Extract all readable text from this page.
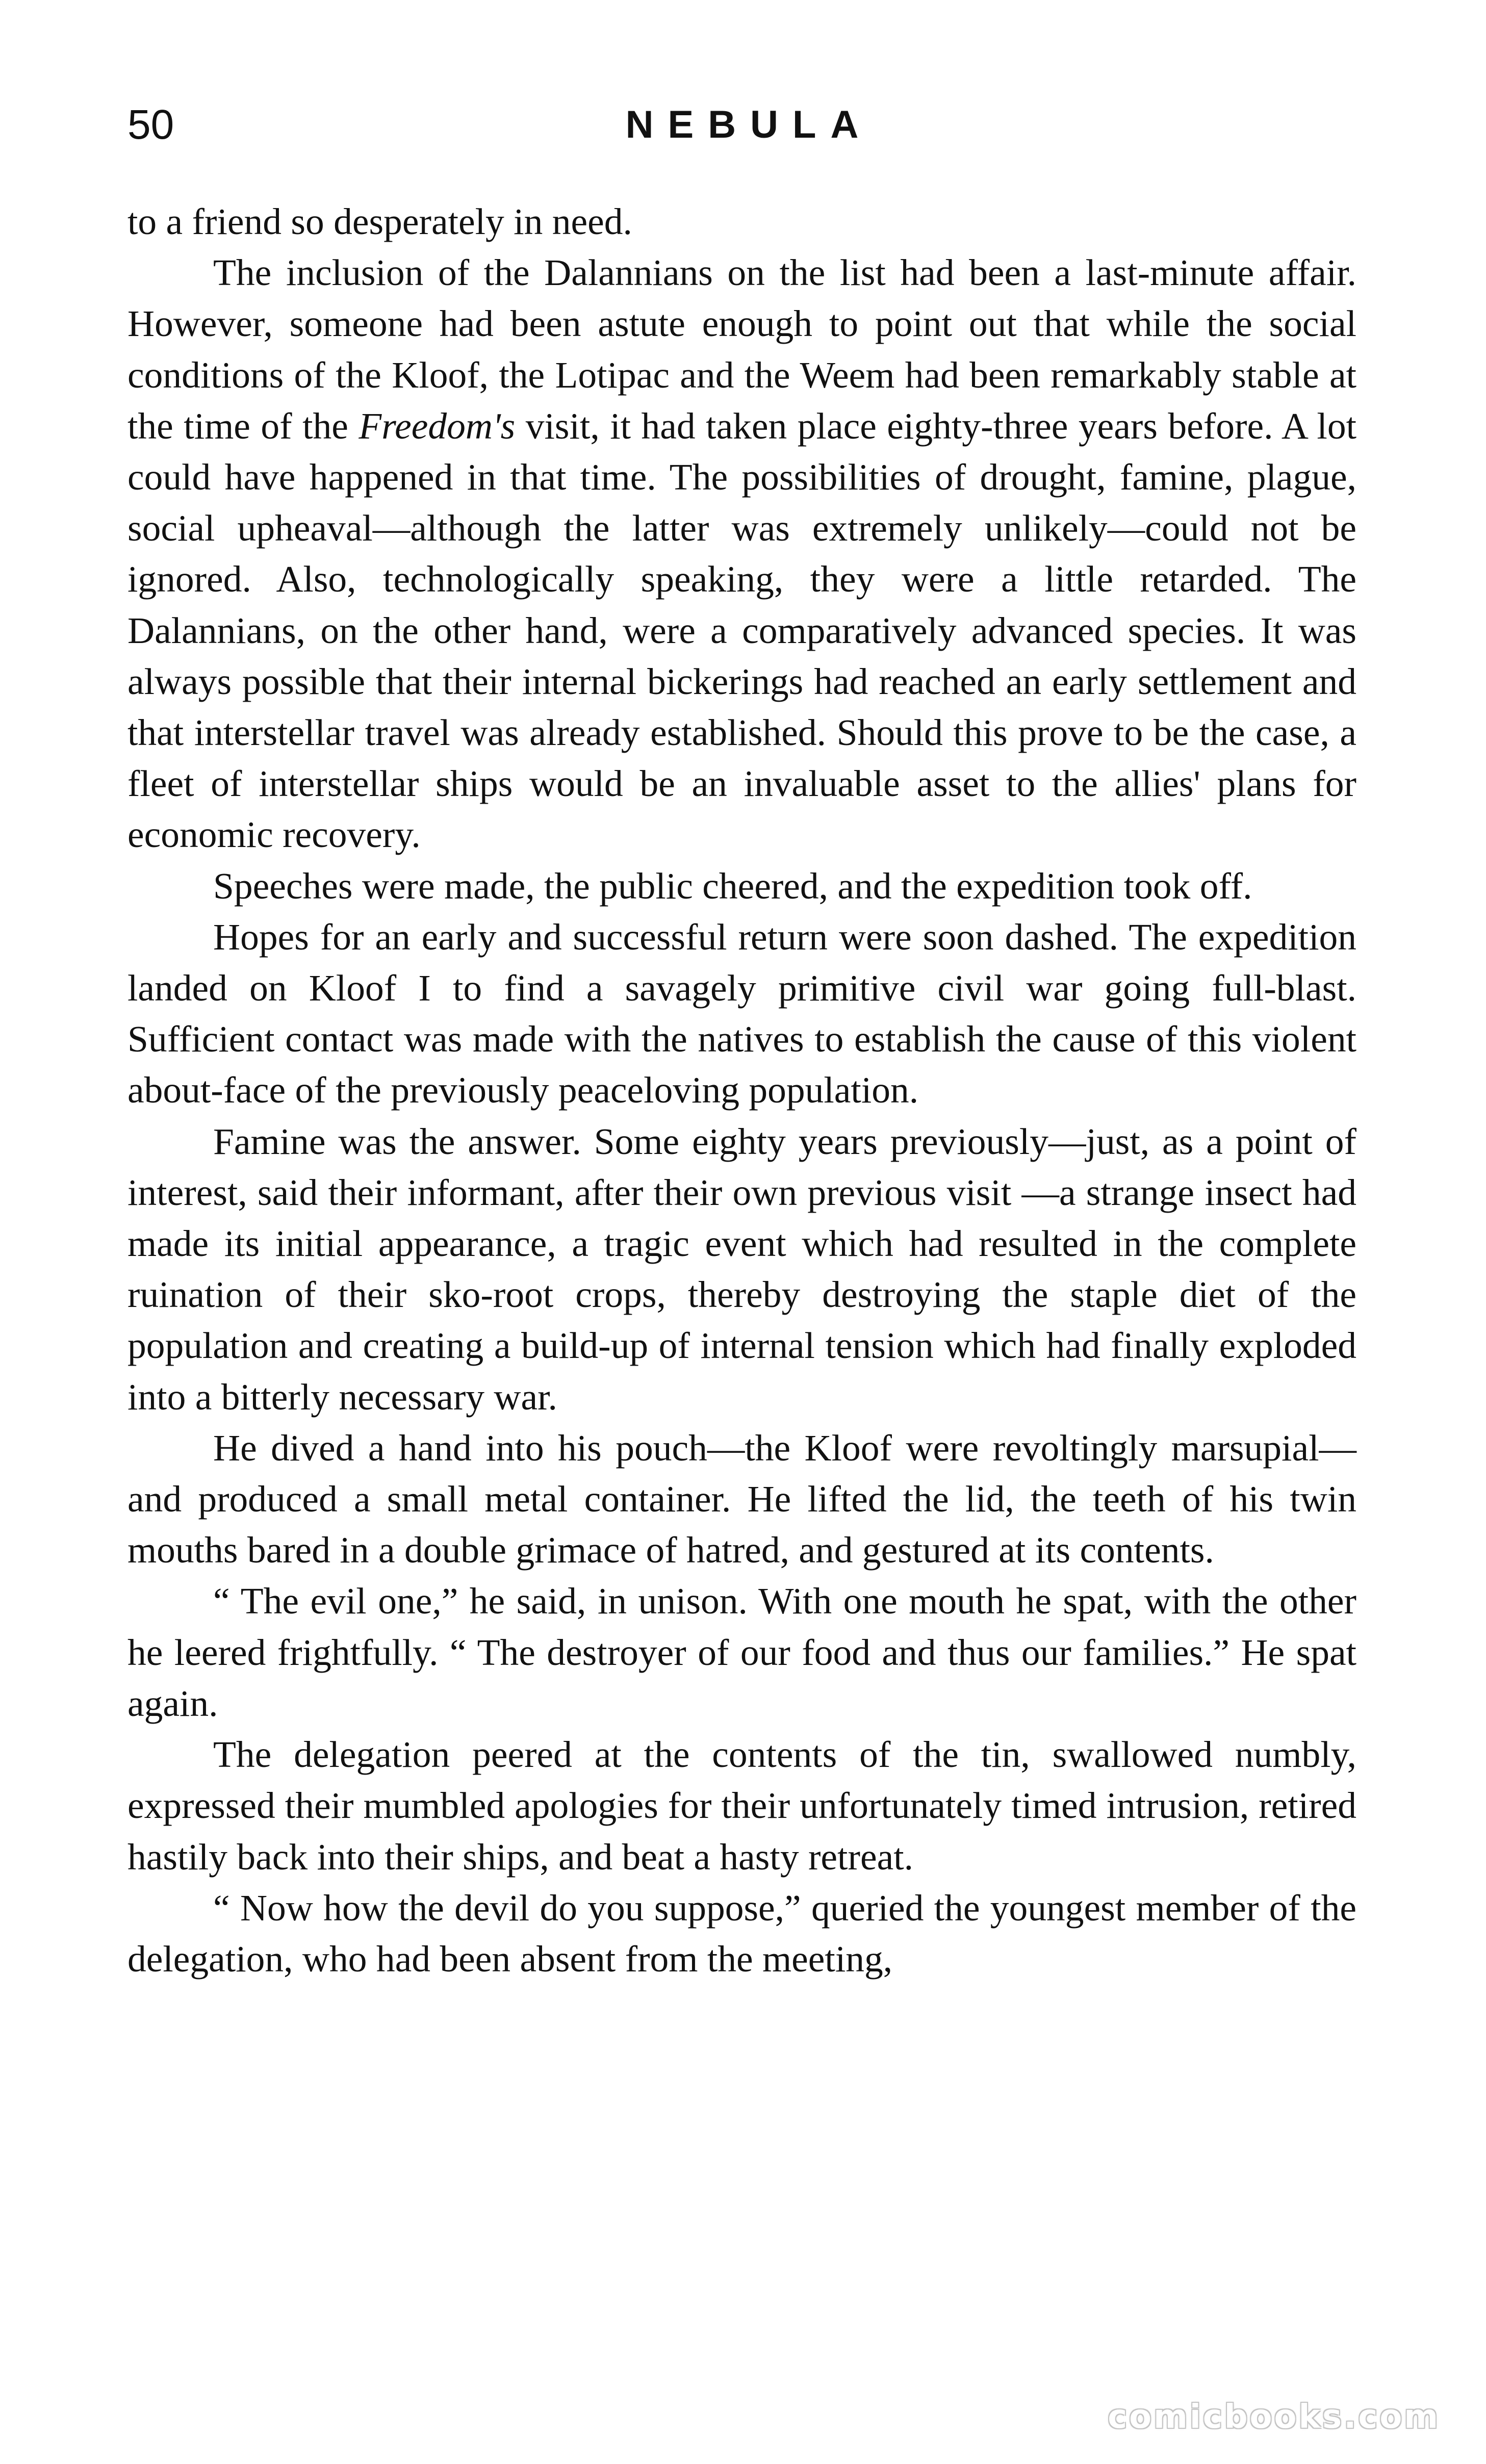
50	NEBULA

to a friend so desperately in need.

The inclusion of the Dalannians on the list had been a last-minute affair. However, someone had been astute enough to point out that while the social conditions of the Kloof, the Lotipac and the Weem had been remarkably stable at the time of the Freedom's visit, it had taken place eighty-three years before. A lot could have happened in that time. The possibilities of drought, famine, plague, social upheaval—although the latter was extremely unlikely—could not be ignored. Also, technologically speaking, they were a little retarded. The Dalannians, on the other hand, were a comparatively advanced species. It was always possible that their internal bickerings had reached an early settlement and that interstellar travel was already established. Should this prove to be the case, a fleet of interstellar ships would be an invaluable asset to the allies' plans for economic recovery.

Speeches were made, the public cheered, and the expedition took off.

Hopes for an early and successful return were soon dashed. The expedition landed on Kloof I to find a savagely primitive civil war going full-blast. Sufficient contact was made with the natives to establish the cause of this violent about-face of the previously peaceloving population.

Famine was the answer. Some eighty years previously—just, as a point of interest, said their informant, after their own previous visit —a strange insect had made its initial appearance, a tragic event which had resulted in the complete ruination of their sko-root crops, thereby destroying the staple diet of the population and creating a build-up of internal tension which had finally exploded into a bitterly necessary war.

He dived a hand into his pouch—the Kloof were revoltingly marsupial—and produced a small metal container. He lifted the lid, the teeth of his twin mouths bared in a double grimace of hatred, and gestured at its contents.

“ The evil one,” he said, in unison. With one mouth he spat, with the other he leered frightfully. “ The destroyer of our food and thus our families.” He spat again.

The delegation peered at the contents of the tin, swallowed numbly, expressed their mumbled apologies for their unfortunately timed intrusion, retired hastily back into their ships, and beat a hasty retreat.

“ Now how the devil do you suppose,” queried the youngest member of the delegation, who had been absent from the meeting,

comicbooks.com
